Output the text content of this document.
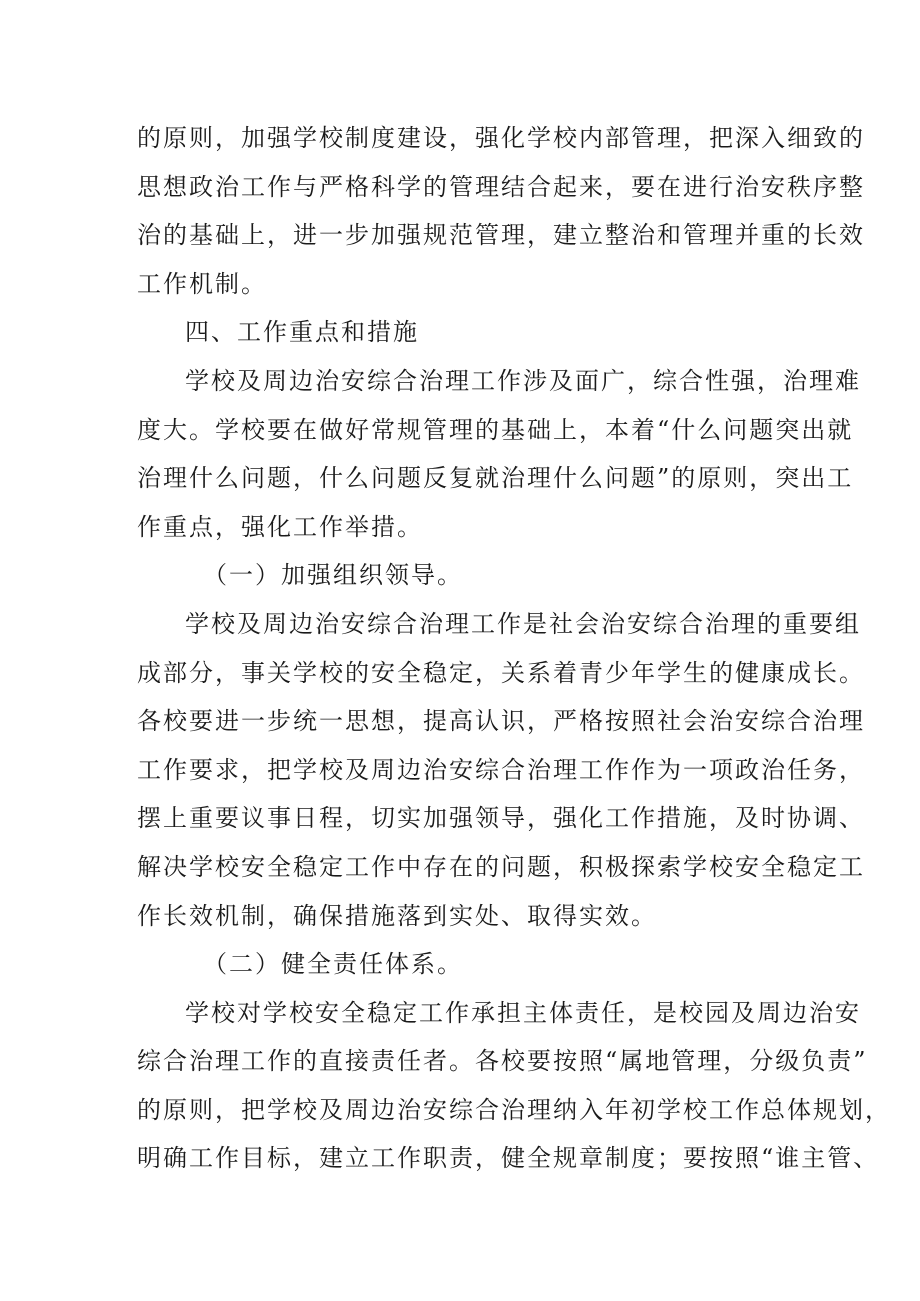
的原则，加强学校制度建设，强化学校内部管理，把深入细致的
思想政治工作与严格科学的管理结合起来，要在进行治安秩序整
治的基础上，进一步加强规范管理，建立整治和管理并重的长效
工作机制。
四、工作重点和措施
学校及周边治安综合治理工作涉及面广，综合性强，治理难
度大。学校要在做好常规管理的基础上，本着“什么问题突出就
治理什么问题，什么问题反复就治理什么问题”的原则，突出工
作重点，强化工作举措。
（一）加强组织领导。
学校及周边治安综合治理工作是社会治安综合治理的重要组
成部分，事关学校的安全稳定，关系着青少年学生的健康成长。
各校要进一步统一思想，提高认识，严格按照社会治安综合治理
工作要求，把学校及周边治安综合治理工作作为一项政治任务，
摆上重要议事日程，切实加强领导，强化工作措施，及时协调、
解决学校安全稳定工作中存在的问题，积极探索学校安全稳定工
作长效机制，确保措施落到实处、取得实效。
（二）健全责任体系。
学校对学校安全稳定工作承担主体责任，是校园及周边治安
综合治理工作的直接责任者。各校要按照“属地管理，分级负责”
的原则，把学校及周边治安综合治理纳入年初学校工作总体规划，
明确工作目标，建立工作职责，健全规章制度；要按照“谁主管、
